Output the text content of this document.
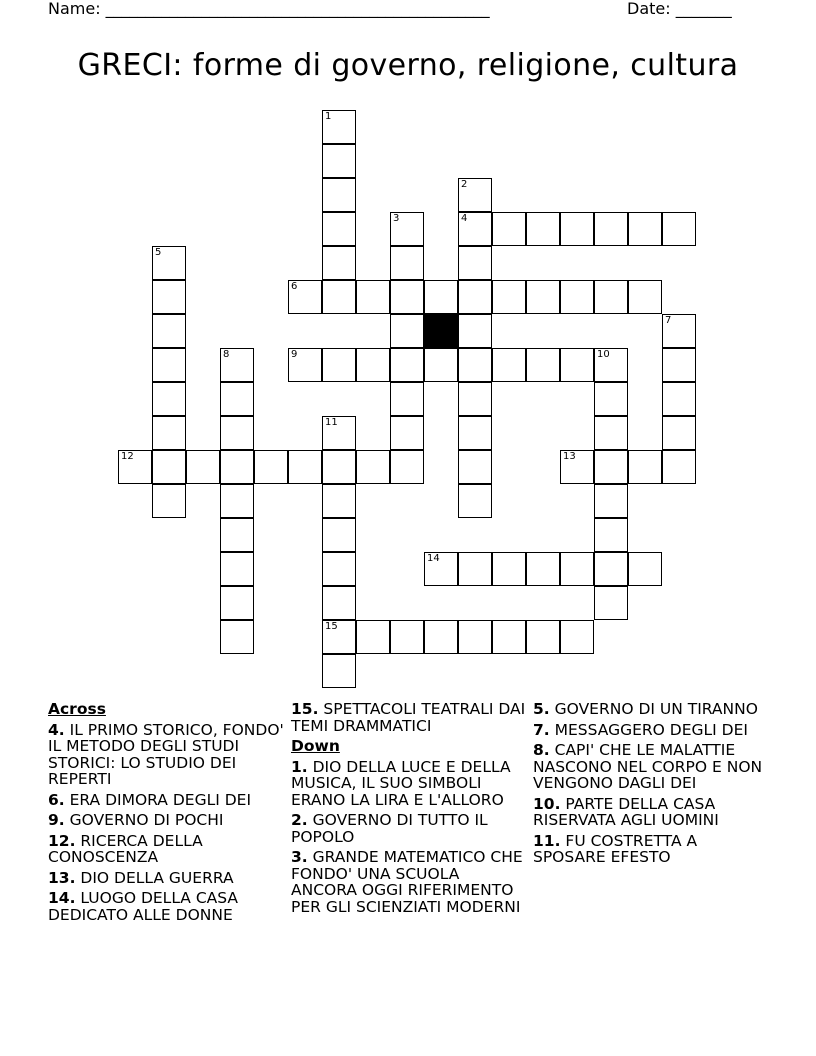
Name: ________________________________________________	Date: _______
GRECI: forme di governo, religione, cultura
1
2
4
3
5
6
7
8	9	10
11
12	13
14
15
Across
4. IL PRIMO STORICO, FONDO' IL METODO DEGLI STUDI STORICI: LO STUDIO DEI REPERTI
6. ERA DIMORA DEGLI DEI
9. GOVERNO DI POCHI
12. RICERCA DELLA CONOSCENZA
13. DIO DELLA GUERRA
14. LUOGO DELLA CASA DEDICATO ALLE DONNE
15. SPETTACOLI TEATRALI DAI TEMI DRAMMATICI
Down
1. DIO DELLA LUCE E DELLA MUSICA, IL SUO SIMBOLI ERANO LA LIRA E L'ALLORO
2. GOVERNO DI TUTTO IL POPOLO
3. GRANDE MATEMATICO CHE FONDO' UNA SCUOLA ANCORA OGGI RIFERIMENTO PER GLI SCIENZIATI MODERNI
5. GOVERNO DI UN TIRANNO
7. MESSAGGERO DEGLI DEI
8. CAPI' CHE LE MALATTIE NASCONO NEL CORPO E NON VENGONO DAGLI DEI
10. PARTE DELLA CASA RISERVATA AGLI UOMINI
11. FU COSTRETTA A SPOSARE EFESTO
